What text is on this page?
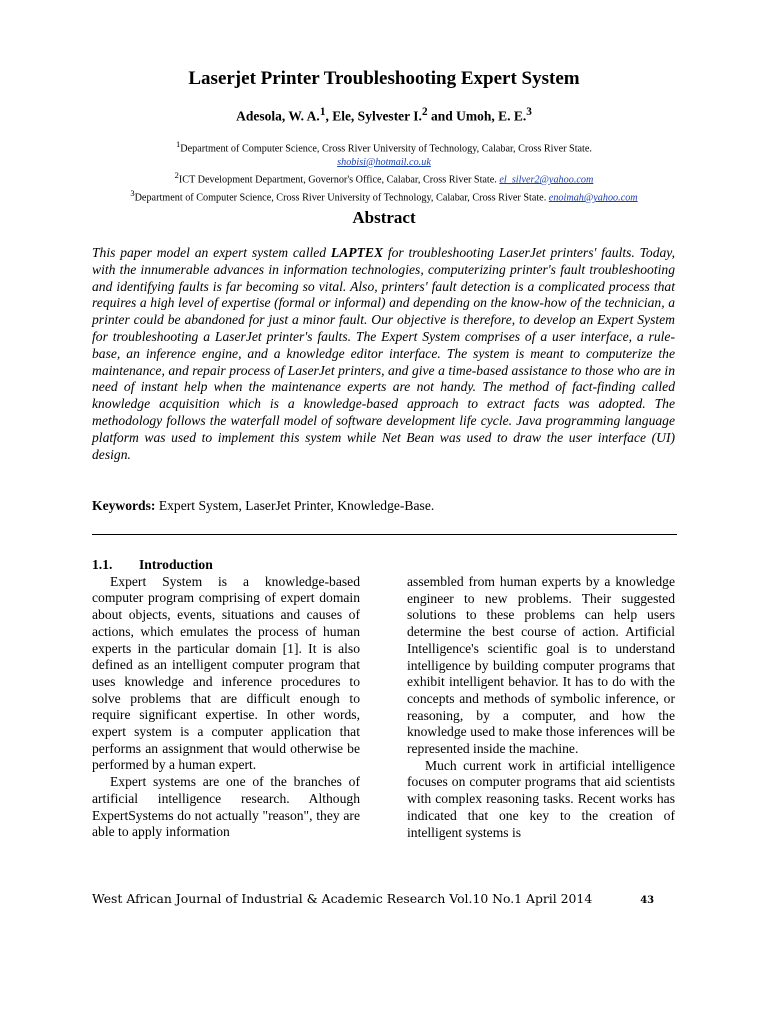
Laserjet Printer Troubleshooting Expert System
Adesola, W. A.$^1$, Ele, Sylvester I.$^2$ and Umoh, E. E.$^3$
$^1$Department of Computer Science, Cross River University of Technology, Calabar, Cross River State.
shobisi@hotmail.co.uk
$^2$ICT Development Department, Governor's Office, Calabar, Cross River State. el_silver2@yahoo.com
$^3$Department of Computer Science, Cross River University of Technology, Calabar, Cross River State. enoimah@yahoo.com
Abstract

This paper model an expert system called LAPTEX for troubleshooting LaserJet printers' faults. Today, with the innumerable advances in information technologies, computerizing printer's fault troubleshooting and identifying faults is far becoming so vital. Also, printers' fault detection is a complicated process that requires a high level of expertise (formal or informal) and depending on the know-how of the technician, a printer could be abandoned for just a minor fault. Our objective is therefore, to develop an Expert System for troubleshooting a LaserJet printer's faults. The Expert System comprises of a user interface, a rule-base, an inference engine, and a knowledge editor interface. The system is meant to computerize the maintenance, and repair process of LaserJet printers, and give a time-based assistance to those who are in need of instant help when the maintenance experts are not handy. The method of fact-finding called knowledge acquisition which is a knowledge-based approach to extract facts was adopted. The methodology follows the waterfall model of software development life cycle. Java programming language platform was used to implement this system while Net Bean was used to draw the user interface (UI) design.

Keywords: Expert System, LaserJet Printer, Knowledge-Base.

1.1.	Introduction

Expert System is a knowledge-based computer program comprising of expert domain about objects, events, situations and causes of actions, which emulates the process of human experts in the particular domain [1]. It is also defined as an intelligent computer program that uses knowledge and inference procedures to solve problems that are difficult enough to require significant expertise. In other words, expert system is a computer application that performs an assignment that would otherwise be performed by a human expert.

Expert systems are one of the branches of artificial intelligence research. Although ExpertSystems do not actually "reason", they are able to apply information

assembled from human experts by a knowledge engineer to new problems. Their suggested solutions to these problems can help users determine the best course of action. Artificial Intelligence's scientific goal is to understand intelligence by building computer programs that exhibit intelligent behavior. It has to do with the concepts and methods of symbolic inference, or reasoning, by a computer, and how the knowledge used to make those inferences will be represented inside the machine.

Much current work in artificial intelligence focuses on computer programs that aid scientists with complex reasoning tasks. Recent works has indicated that one key to the creation of intelligent systems is

West African Journal of Industrial & Academic Research Vol.10 No.1 April 2014	43
